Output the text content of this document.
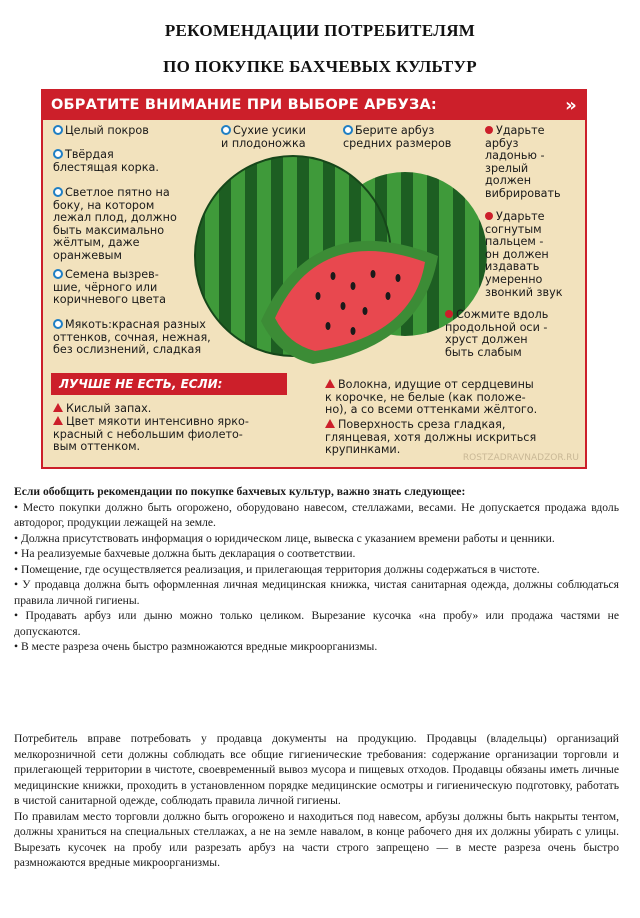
РЕКОМЕНДАЦИИ ПОТРЕБИТЕЛЯМ
ПО ПОКУПКЕ БАХЧЕВЫХ КУЛЬТУР
ОБРАТИТЕ ВНИМАНИЕ ПРИ ВЫБОРЕ АРБУЗА:	»
Целый покров
Твёрдая
блестящая корка.
Светлое пятно на
боку, на котором
лежал плод, должно
быть максимально
жёлтым, даже
оранжевым
Семена вызрев-
шие, чёрного или
коричневого цвета
Мякоть:красная разных
оттенков, сочная, нежная,
без ослизнений, сладкая
Сухие усики
и плодоножка
Берите арбуз
средних размеров
Ударьте
арбуз
ладонью -
зрелый
должен
вибрировать
Ударьте
согнутым
пальцем -
он должен
издавать
умеренно
звонкий звук
Сожмите вдоль
продольной оси -
хруст должен
быть слабым
ЛУЧШЕ НЕ ЕСТЬ, ЕСЛИ:
Кислый запах.
Цвет мякоти интенсивно ярко-
красный с небольшим фиолето-
вым оттенком.
Волокна, идущие от сердцевины
к корочке, не белые (как положе-
но), а со всеми оттенками жёлтого.
Поверхность среза гладкая,
глянцевая, хотя должны искриться
крупинками.
ROSTZADRAVNADZOR.RU

Если обобщить рекомендации по покупке бахчевых культур, важно знать следующее:

• Место покупки должно быть огорожено, оборудовано навесом, стеллажами, весами. Не допускается продажа вдоль автодорог, продукции лежащей на земле.

• Должна присутствовать информация о юридическом лице, вывеска с указанием времени работы и ценники.

• На реализуемые бахчевые должна быть декларация о соответствии.

• Помещение, где осуществляется реализация, и прилегающая территория должны содержаться в чистоте.

• У продавца должна быть оформленная личная медицинская книжка, чистая санитарная одежда, должны соблюдаться правила личной гигиены.

• Продавать арбуз или дыню можно только целиком. Вырезание кусочка «на пробу» или продажа частями не допускаются.

• В месте разреза очень быстро размножаются вредные микроорганизмы.

Потребитель вправе потребовать у продавца документы на продукцию. Продавцы (владельцы) организаций мелкорозничной сети должны соблюдать все общие гигиенические требования: содержание организации торговли и прилегающей территории в чистоте, своевременный вывоз мусора и пищевых отходов. Продавцы обязаны иметь личные медицинские книжки, проходить в установленном порядке медицинские осмотры и гигиеническую подготовку, работать в чистой санитарной одежде, соблюдать правила личной гигиены.

По правилам место торговли должно быть огорожено и находиться под навесом, арбузы должны быть накрыты тентом, должны храниться на специальных стеллажах, а не на земле навалом, в конце рабочего дня их должны убирать с улицы. Вырезать кусочек на пробу или разрезать арбуз на части строго запрещено — в месте разреза очень быстро размножаются вредные микроорганизмы.
